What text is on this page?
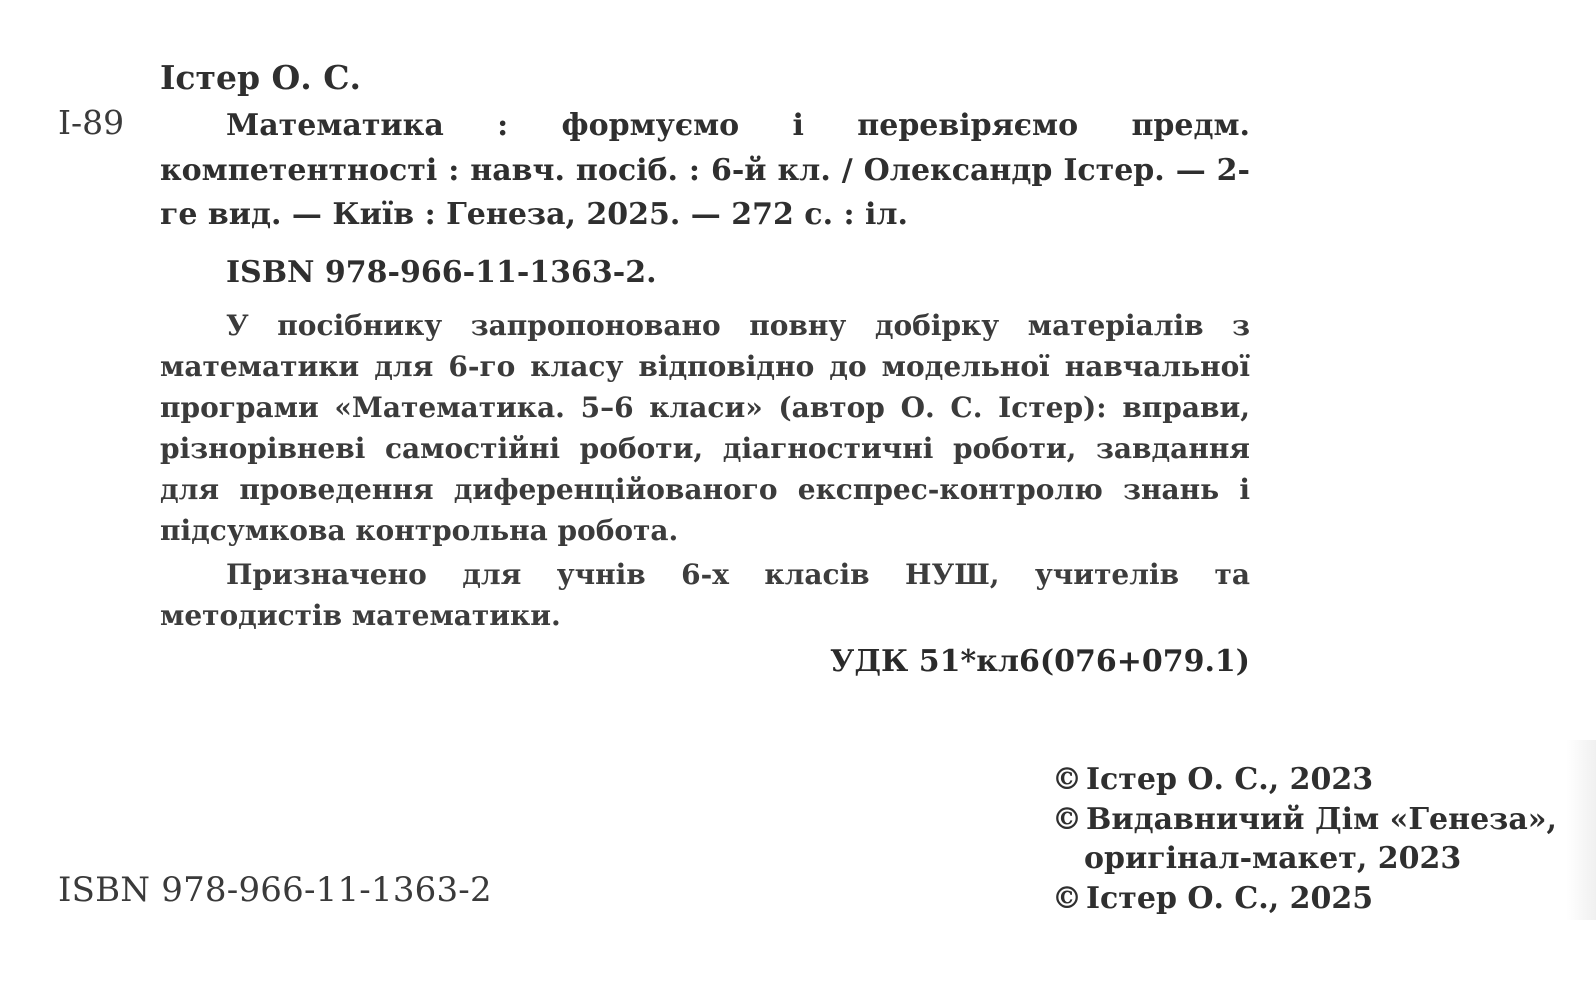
Істер О. С.
І-89	Математика : формуємо і перевіряємо предм. компетентності : навч. посіб. : 6-й кл. / Олександр Істер. — 2-ге вид. — Київ : Генеза, 2025. — 272 с. : іл.

ISBN 978-966-11-1363-2.

У посібнику запропоновано повну добірку матеріалів з математики для 6-го класу відповідно до модельної навчальної програми «Математика. 5–6 класи» (автор О. С. Істер): вправи, різнорівневі самостійні роботи, діагностичні роботи, завдання для проведення диференційованого експрес-контролю знань і підсумкова контрольна робота.

Призначено для учнів 6-х класів НУШ, учителів та методистів математики.

УДК 51*кл6(076+079.1)
© Істер О. С., 2023
© Видавничий Дім «Генеза»,
оригінал-макет, 2023
© Істер О. С., 2025
ISBN 978-966-11-1363-2
